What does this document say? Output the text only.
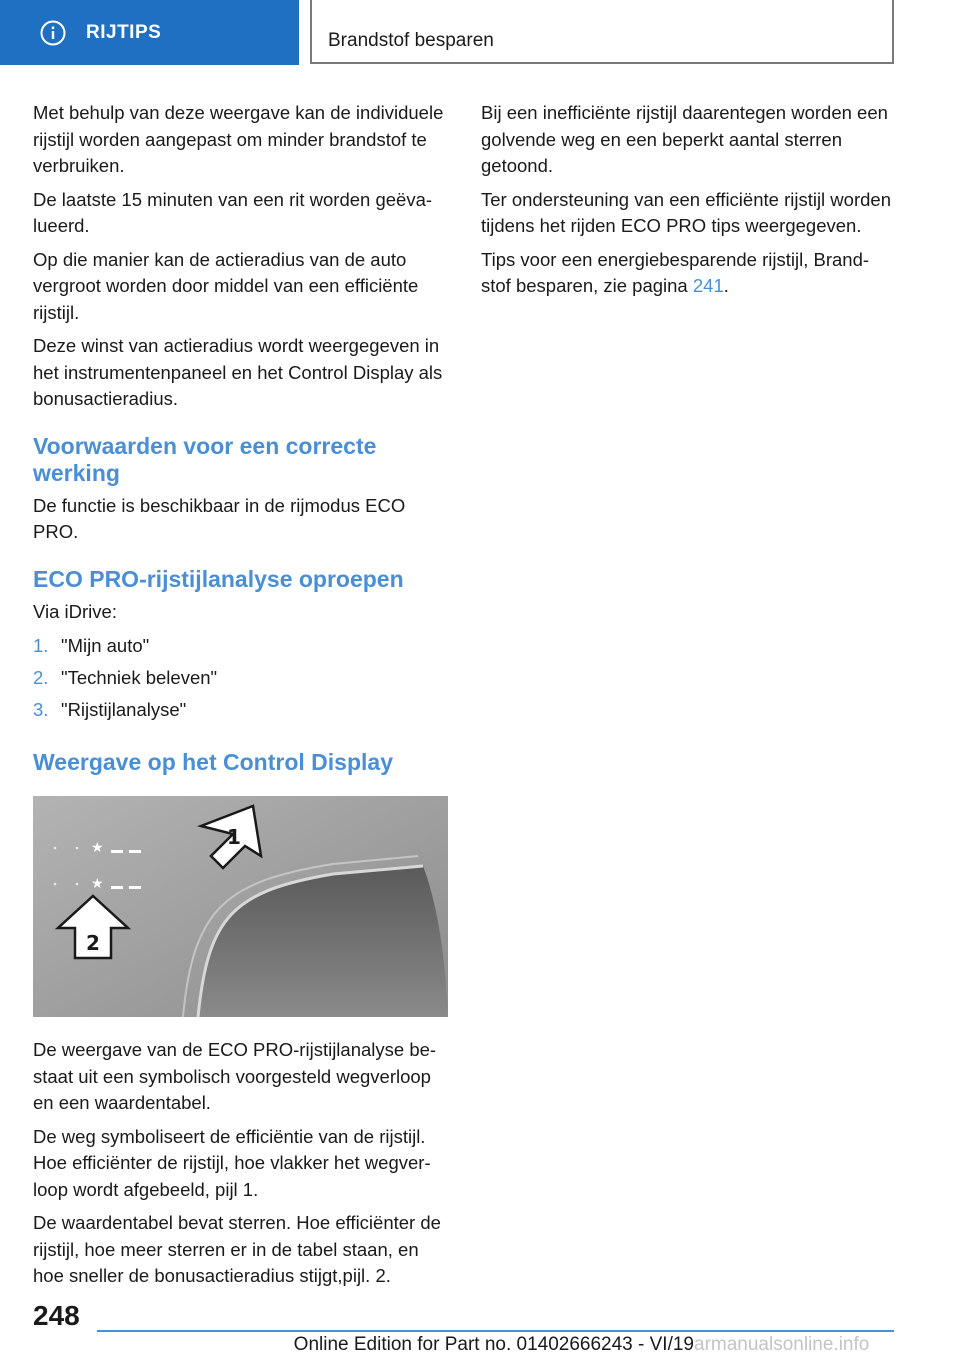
RIJTIPS	Brandstof besparen

Met behulp van deze weergave kan de individuele rijstijl worden aangepast om minder brandstof te verbruiken.

De laatste 15 minuten van een rit worden geëvalueerd.

Op die manier kan de actieradius van de auto vergroot worden door middel van een efficiënte rijstijl.

Deze winst van actieradius wordt weergegeven in het instrumentenpaneel en het Control Display als bonusactieradius.

Voorwaarden voor een correcte werking

De functie is beschikbaar in de rijmodus ECO PRO.

ECO PRO-rijstijlanalyse oproepen

Via iDrive:

1. "Mijn auto"
2. "Techniek beleven"
3. "Rijstijlanalyse"
Weergave op het Control Display
★
★
1
2

De weergave van de ECO PRO-rijstijlanalyse bestaat uit een symbolisch voorgesteld wegverloop en een waardentabel.

De weg symboliseert de efficiëntie van de rijstijl. Hoe efficiënter de rijstijl, hoe vlakker het wegverloop wordt afgebeeld, pijl 1.

De waardentabel bevat sterren. Hoe efficiënter de rijstijl, hoe meer sterren er in de tabel staan, en hoe sneller de bonusactieradius stijgt,pijl. 2.

Bij een inefficiënte rijstijl daarentegen worden een golvende weg en een beperkt aantal sterren getoond.

Ter ondersteuning van een efficiënte rijstijl worden tijdens het rijden ECO PRO tips weergegeven.

Tips voor een energiebesparende rijstijl, Brandstof besparen, zie pagina 241.

248
Online Edition for Part no. 01402666243 - VI/19 armanualsonline.info
